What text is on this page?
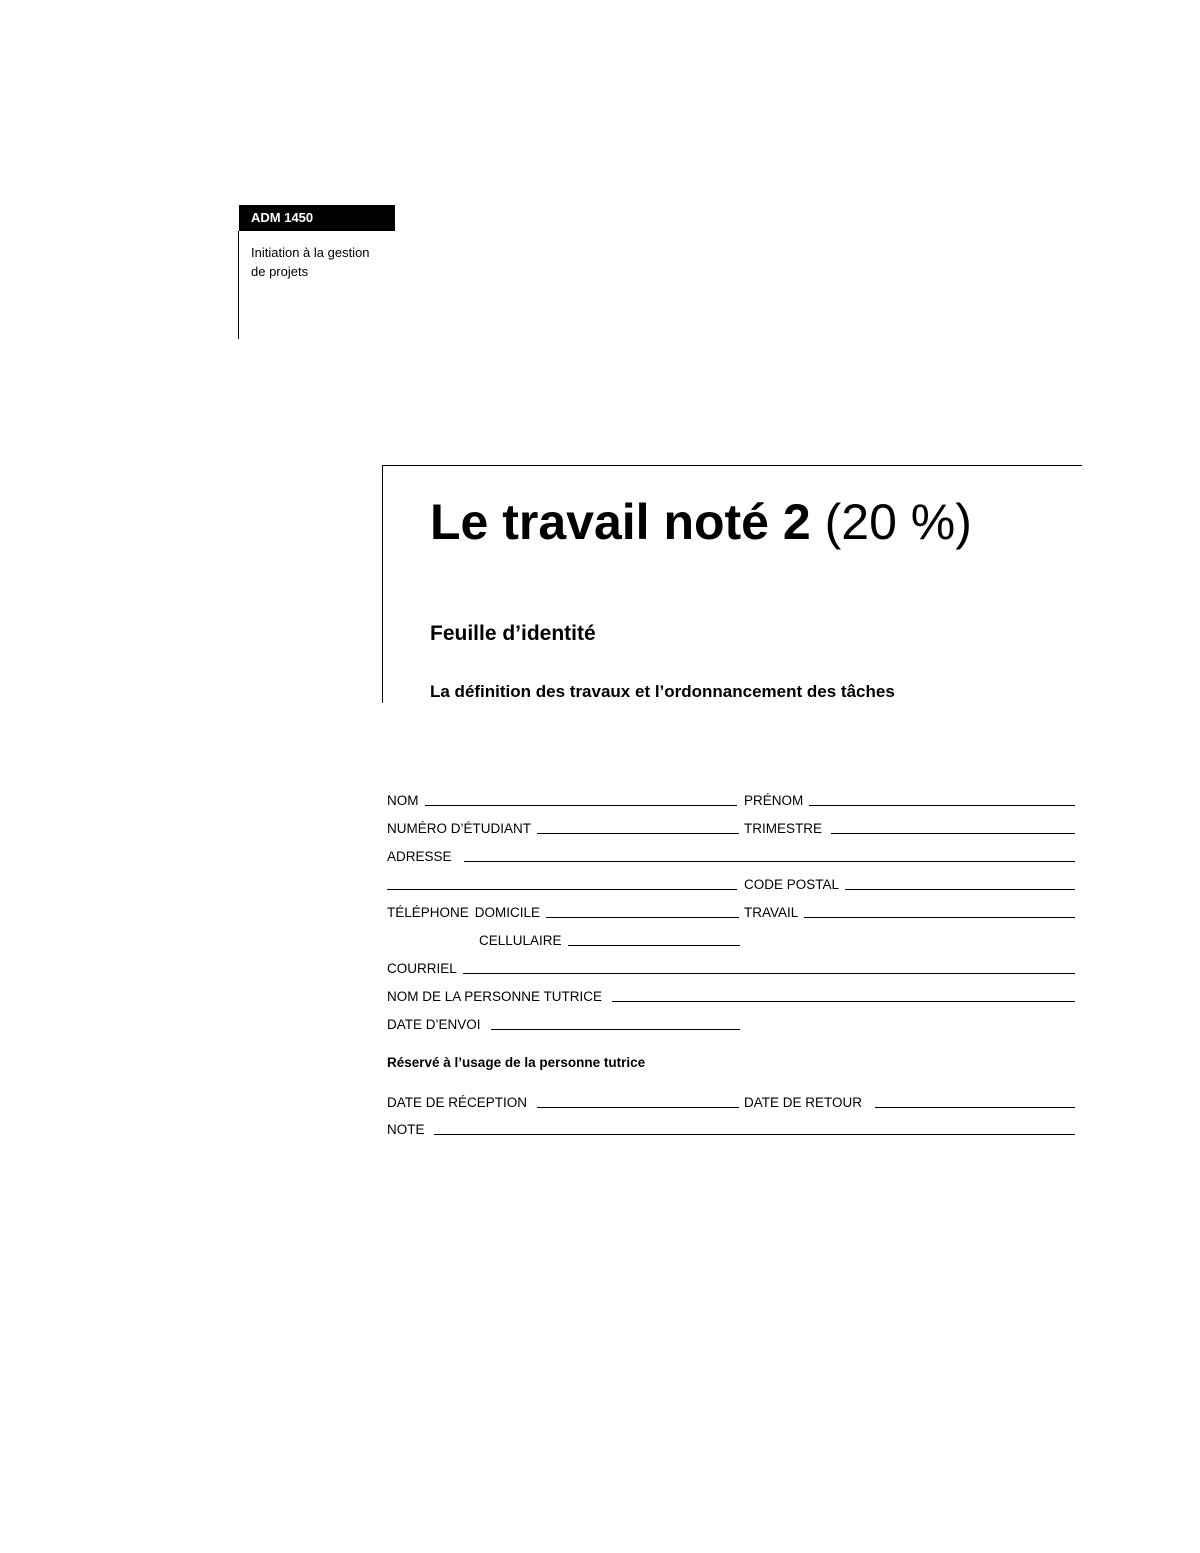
ADM 1450
Initiation à la gestion
de projets
Le travail noté 2 (20 %)
Feuille d’identité
La définition des travaux et l’ordonnancement des tâches
NOM	PRÉNOM
NUMÉRO D’ÉTUDIANT	TRIMESTRE
ADRESSE
CODE POSTAL
TÉLÉPHONE DOMICILE	TRAVAIL
CELLULAIRE
COURRIEL
NOM DE LA PERSONNE TUTRICE
DATE D’ENVOI
Réservé à l’usage de la personne tutrice
DATE DE RÉCEPTION	DATE DE RETOUR
NOTE
